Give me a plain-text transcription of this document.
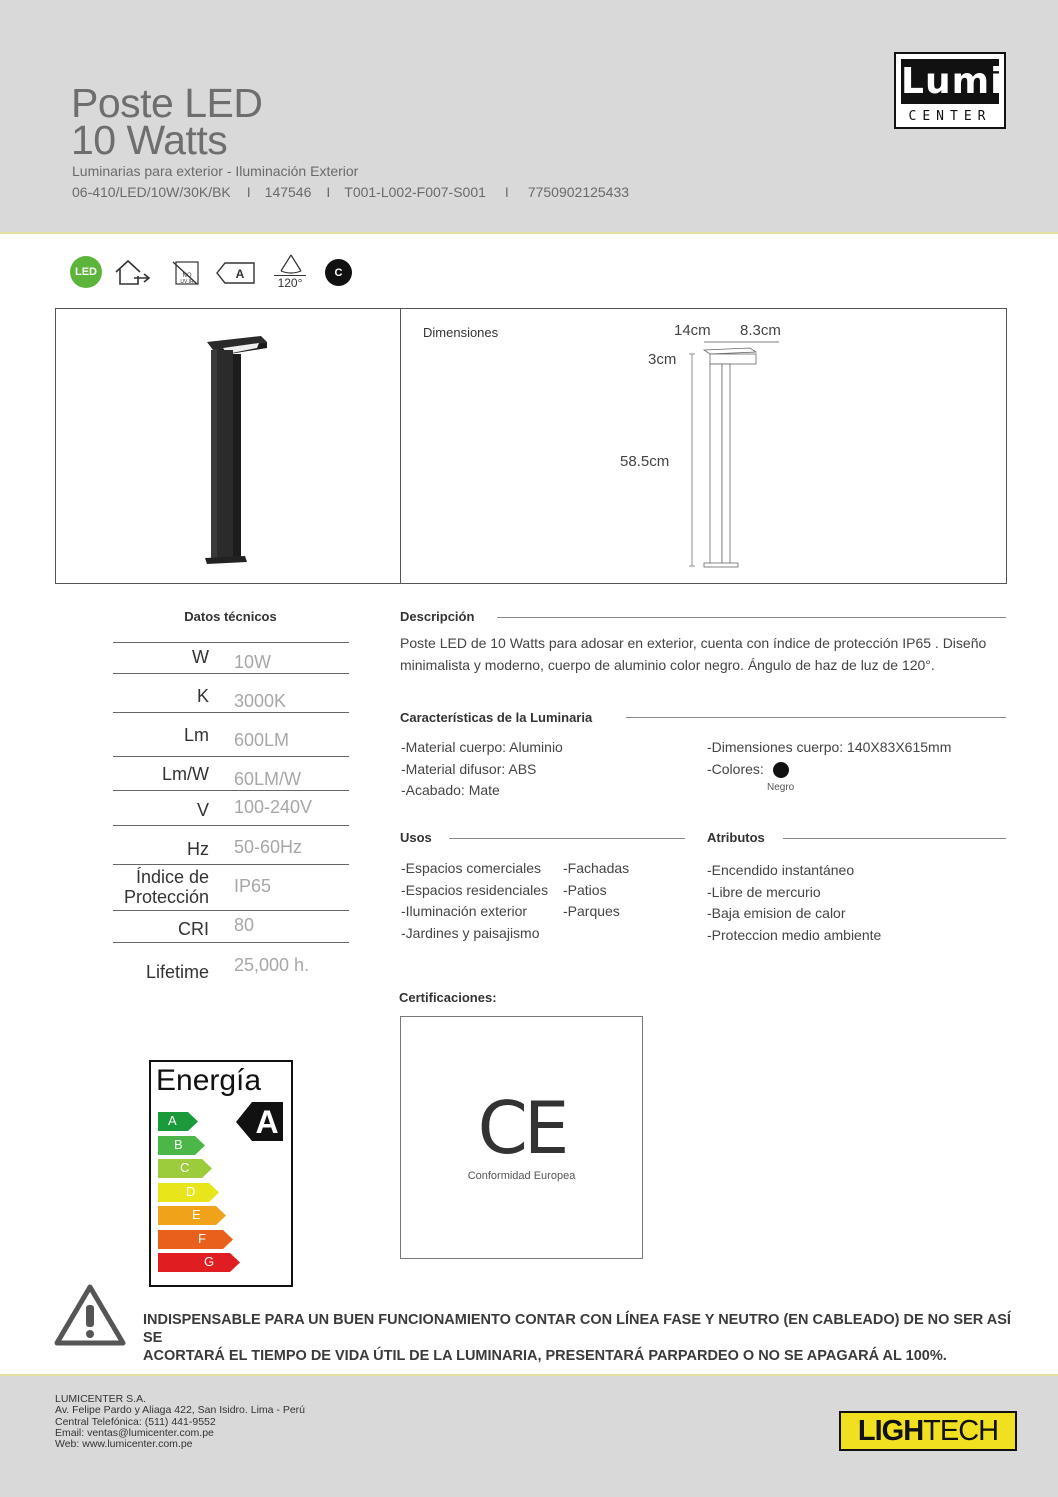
Poste LED
10 Watts
Luminarias para exterior - Iluminación Exterior
06-410/LED/10W/30K/BK I 147546 I T001-L002-F007-S001 I 7750902125433
Lumi
CENTER
LED	NO
UV IR
A
120°
C
Dimensiones	14cm 8.3cm
3cm
58.5cm
Datos técnicos
W 10W
K 3000K
Lm 600LM
Lm/W 60LM/W
V 100-240V
Hz 50-60Hz
Índice de
Protección
IP65
CRI 80
Lifetime 25,000 h.
Descripción
Poste LED de 10 Watts para adosar en exterior, cuenta con índice de protección IP65 . Diseño
minimalista y moderno, cuerpo de aluminio color negro. Ángulo de haz de luz de 120°.
Características de la Luminaria
-Material cuerpo: Aluminio
-Material difusor: ABS
-Acabado: Mate
-Dimensiones cuerpo: 140X83X615mm
-Colores:
Negro
Usos
-Espacios comerciales
-Espacios residenciales
-Iluminación exterior
-Jardines y paisajismo
-Fachadas
-Patios
-Parques
Atributos
-Encendido instantáneo
-Libre de mercurio
-Baja emision de calor
-Proteccion medio ambiente
Certificaciones:
CE
Conformidad Europea
Energía
A
A
B
C
D
E
F
G
INDISPENSABLE PARA UN BUEN FUNCIONAMIENTO CONTAR CON LÍNEA FASE Y NEUTRO (EN CABLEADO) DE NO SER ASÍ SE
ACORTARÁ EL TIEMPO DE VIDA ÚTIL DE LA LUMINARIA, PRESENTARÁ PARPARDEO O NO SE APAGARÁ AL 100%.
LUMICENTER S.A.
Av. Felipe Pardo y Aliaga 422, San Isidro. Lima - Perú
Central Telefónica: (511) 441-9552
Email: ventas@lumicenter.com.pe
Web: www.lumicenter.com.pe	LIGH TECH
